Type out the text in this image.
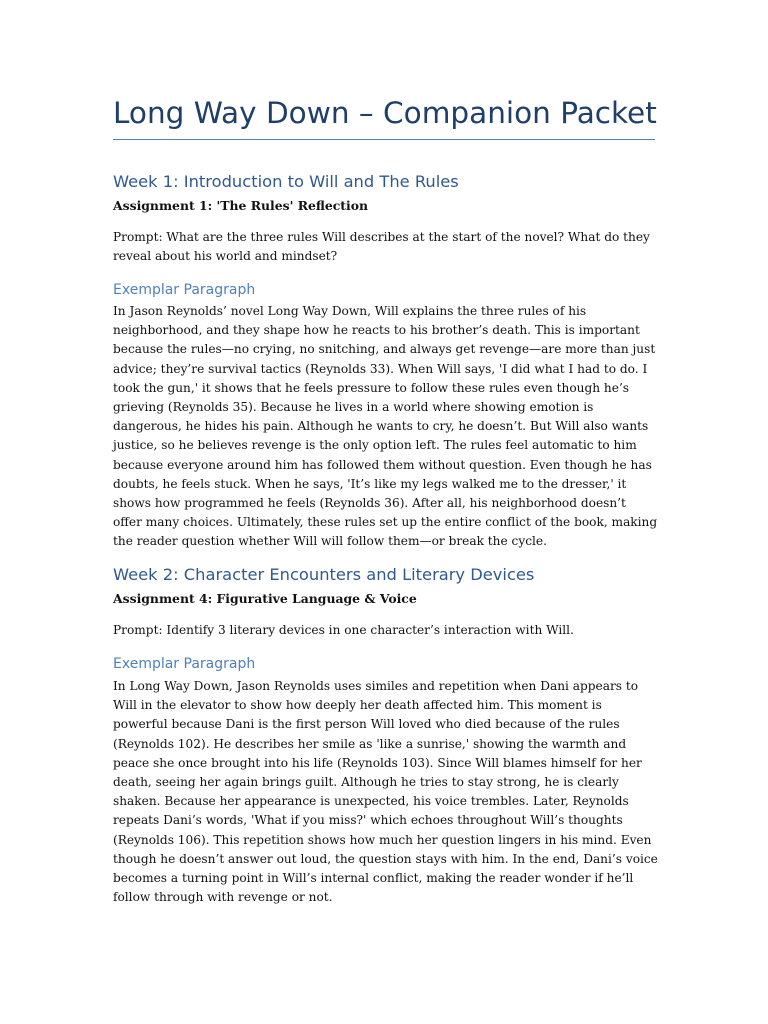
Long Way Down – Companion Packet
Week 1: Introduction to Will and The Rules

Assignment 1: 'The Rules' Reflection

Prompt: What are the three rules Will describes at the start of the novel? What do they reveal about his world and mindset?

Exemplar Paragraph

In Jason Reynolds’ novel Long Way Down, Will explains the three rules of his neighborhood, and they shape how he reacts to his brother’s death. This is important because the rules—no crying, no snitching, and always get revenge—are more than just advice; they’re survival tactics (Reynolds 33). When Will says, 'I did what I had to do. I took the gun,' it shows that he feels pressure to follow these rules even though he’s grieving (Reynolds 35). Because he lives in a world where showing emotion is dangerous, he hides his pain. Although he wants to cry, he doesn’t. But Will also wants justice, so he believes revenge is the only option left. The rules feel automatic to him because everyone around him has followed them without question. Even though he has doubts, he feels stuck. When he says, 'It’s like my legs walked me to the dresser,' it shows how programmed he feels (Reynolds 36). After all, his neighborhood doesn’t offer many choices. Ultimately, these rules set up the entire conflict of the book, making the reader question whether Will will follow them—or break the cycle.

Week 2: Character Encounters and Literary Devices

Assignment 4: Figurative Language & Voice

Prompt: Identify 3 literary devices in one character’s interaction with Will.

Exemplar Paragraph

In Long Way Down, Jason Reynolds uses similes and repetition when Dani appears to Will in the elevator to show how deeply her death affected him. This moment is powerful because Dani is the first person Will loved who died because of the rules (Reynolds 102). He describes her smile as 'like a sunrise,' showing the warmth and peace she once brought into his life (Reynolds 103). Since Will blames himself for her death, seeing her again brings guilt. Although he tries to stay strong, he is clearly shaken. Because her appearance is unexpected, his voice trembles. Later, Reynolds repeats Dani’s words, 'What if you miss?' which echoes throughout Will’s thoughts (Reynolds 106). This repetition shows how much her question lingers in his mind. Even though he doesn’t answer out loud, the question stays with him. In the end, Dani’s voice becomes a turning point in Will’s internal conflict, making the reader wonder if he’ll follow through with revenge or not.
